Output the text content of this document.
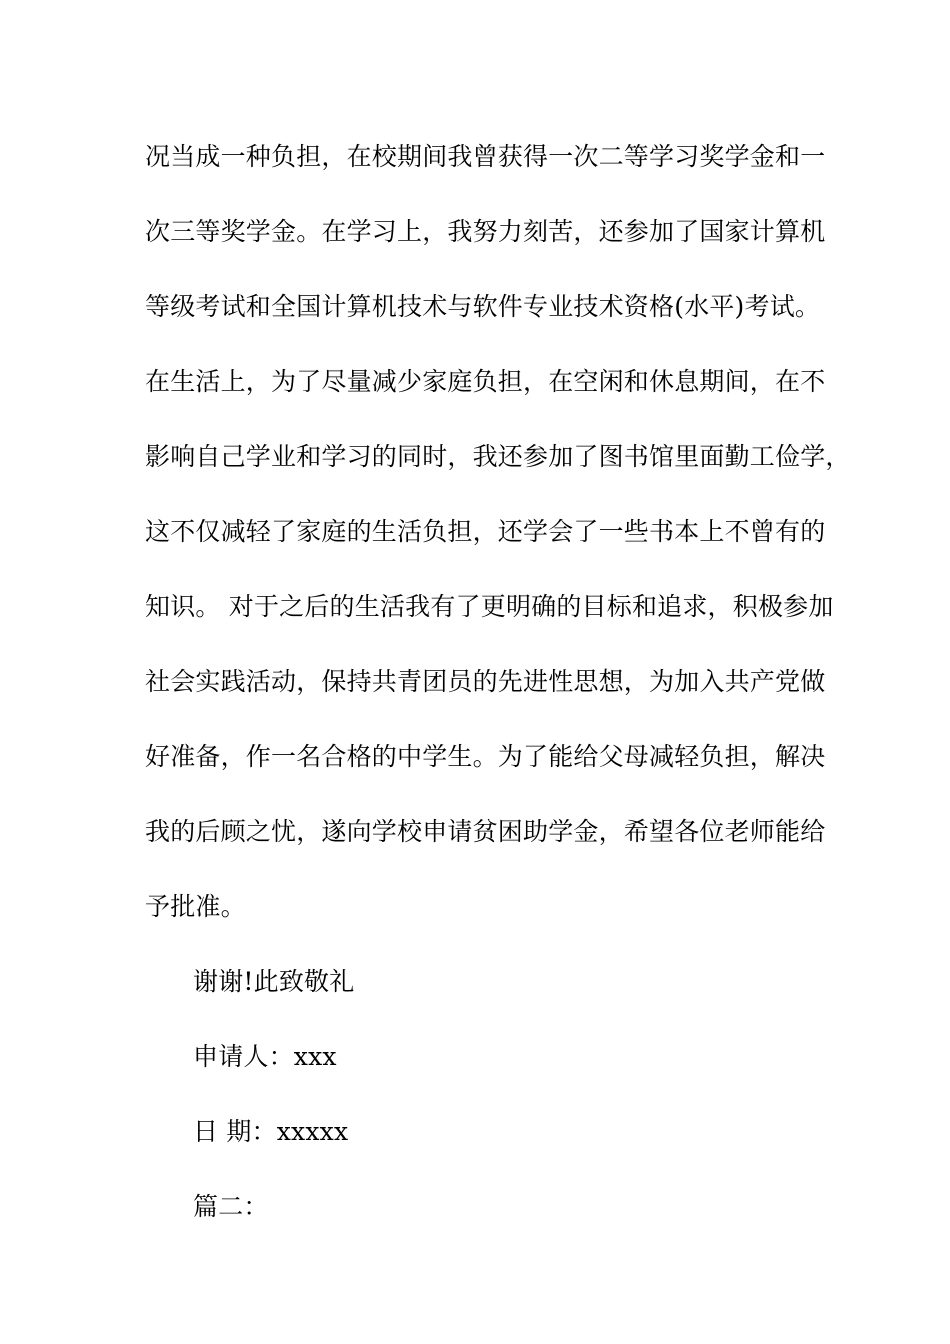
况当成一种负担，在校期间我曾获得一次二等学习奖学金和一
次三等奖学金。在学习上，我努力刻苦，还参加了国家计算机
等级考试和全国计算机技术与软件专业技术资格(水平)考试。
在生活上，为了尽量减少家庭负担，在空闲和休息期间，在不
影响自己学业和学习的同时，我还参加了图书馆里面勤工俭学，
这不仅减轻了家庭的生活负担，还学会了一些书本上不曾有的
知识。 对于之后的生活我有了更明确的目标和追求，积极参加
社会实践活动，保持共青团员的先进性思想，为加入共产党做
好准备，作一名合格的中学生。为了能给父母减轻负担，解决
我的后顾之忧，遂向学校申请贫困助学金，希望各位老师能给
予批准。
谢谢!此致敬礼
申请人：xxx
日 期：xxxxx
篇二：
